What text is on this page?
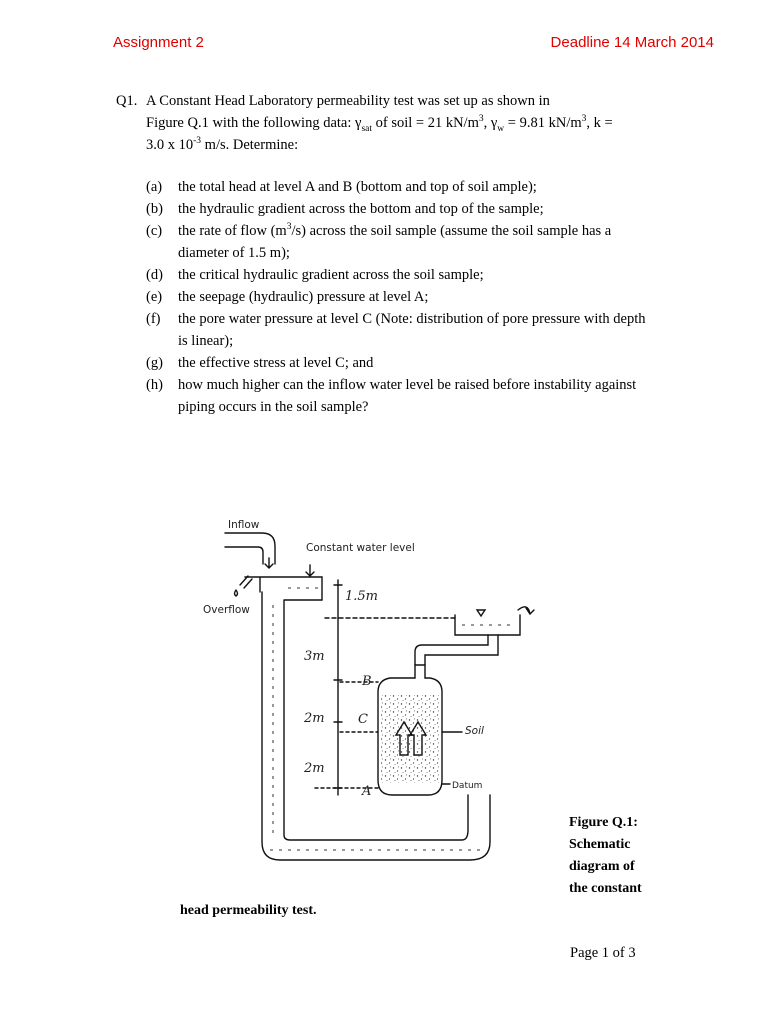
Assignment 2	Deadline 14 March 2014
Q1. A Constant Head Laboratory permeability test was set up as shown in
Figure Q.1 with the following data: $\gamma_{sat}$ of soil = 21 $kN/m^3$, $\gamma_w = 9.81$ $kN/m^3$, k =
3.0 x $10^{-3}$ m/s. Determine:
(a) the total head at level A and B (bottom and top of soil ample);
(b) the hydraulic gradient across the bottom and top of the sample;
(c) the rate of flow $(m^3/s)$ across the soil sample (assume the soil sample has a diameter of 1.5 m);
(d) the critical hydraulic gradient across the soil sample;
(e) the seepage (hydraulic) pressure at level A;
(f) the pore water pressure at level C (Note: distribution of pore pressure with depth is linear);
(g) the effective stress at level C; and
(h) how much higher can the inflow water level be raised before instability against piping occurs in the soil sample?
Inflow
Constant water level
Overflow
Datum
Soil
1.5m
3m
2m
2m
B
C
A
Figure Q.1:
Schematic
diagram of
the constant
head permeability test.
Page 1 of 3
